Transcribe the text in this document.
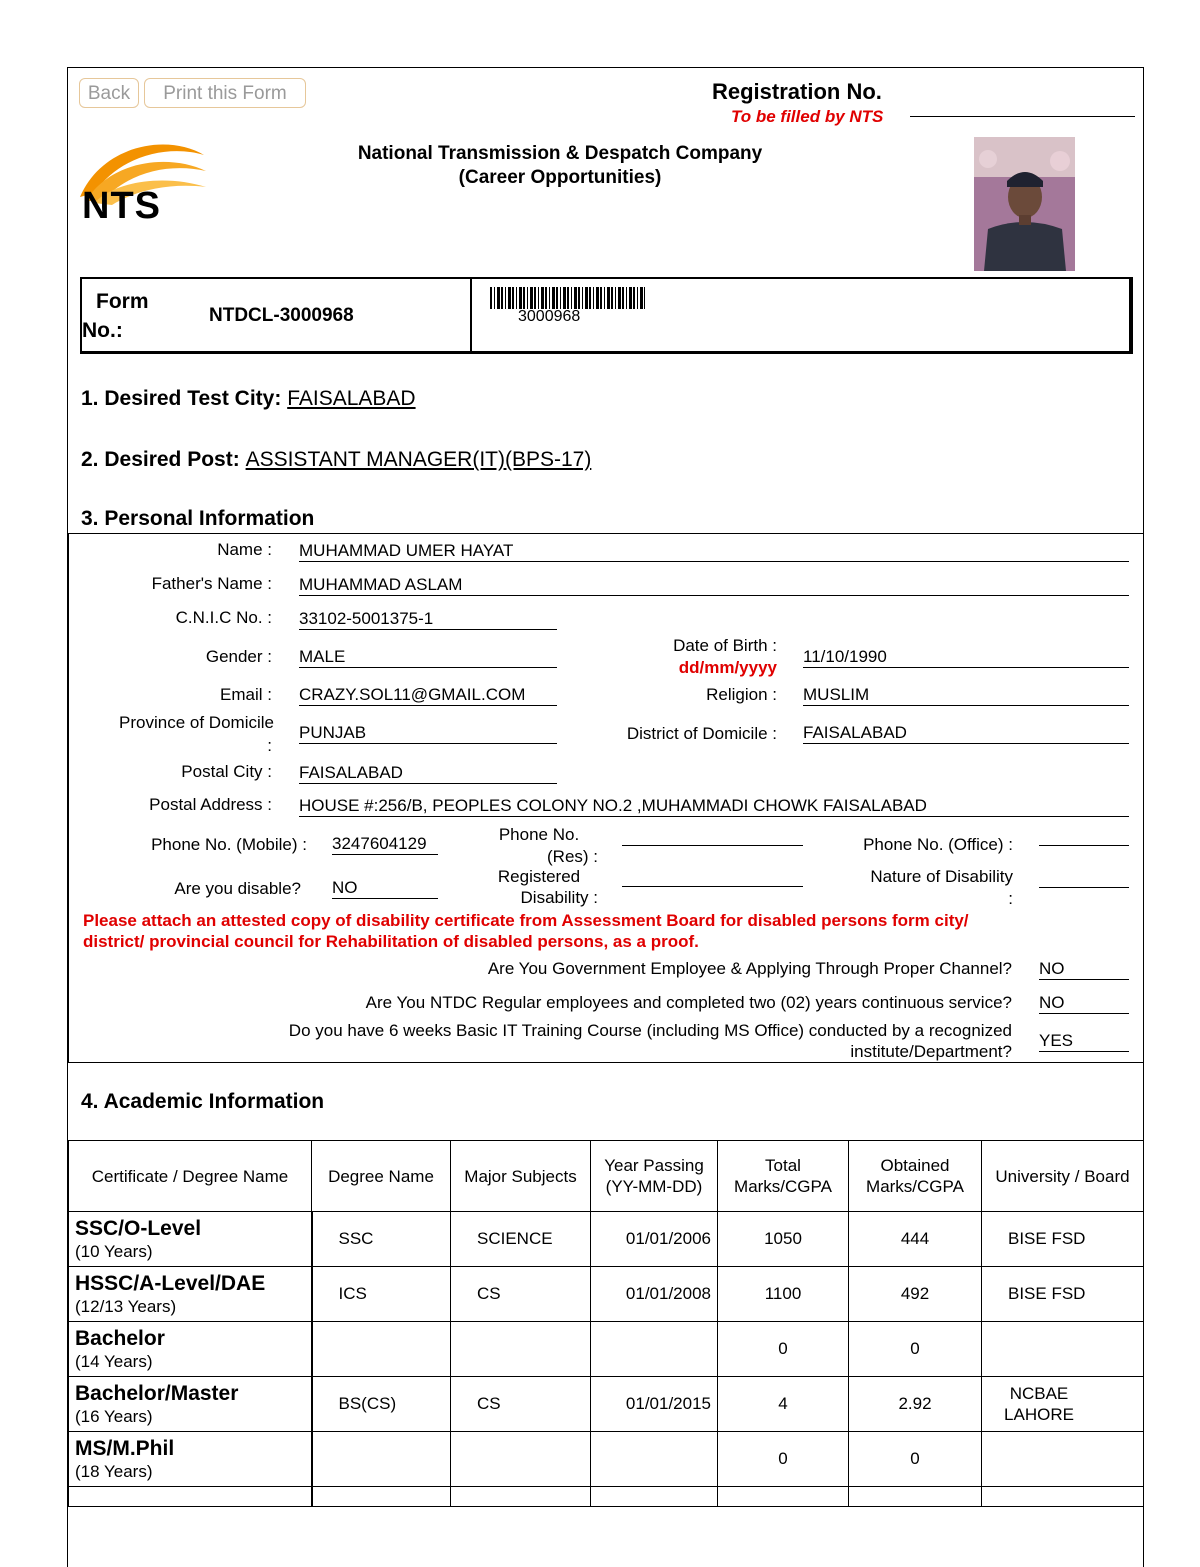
Back	Print this Form	Registration No.
To be filled by NTS
NTS
National Transmission & Despatch Company
(Career Opportunities)
Form
No.:
NTDCL-3000968	3000968
1. Desired Test City: FAISALABAD
2. Desired Post: ASSISTANT MANAGER(IT)(BPS-17)
3. Personal Information
Name : MUHAMMAD UMER HAYAT
Father's Name : MUHAMMAD ASLAM
C.N.I.C No. : 33102-5001375-1
Gender : MALE
Date of Birth :
dd/mm/yyyy
11/10/1990
Email : CRAZY.SOL11@GMAIL.COM	Religion : MUSLIM
Province of Domicile
:
PUNJAB	District of Domicile : FAISALABAD
Postal City : FAISALABAD
Postal Address : HOUSE #:256/B, PEOPLES COLONY NO.2 ,MUHAMMADI CHOWK FAISALABAD
Phone No. (Mobile) : 3247604129	Phone No.
(Res) :
Phone No. (Office) :
Are you disable? NO
Registered
Disability :
Nature of Disability
:
Please attach an attested copy of disability certificate from Assessment Board for disabled persons form city/
district/ provincial council for Rehabilitation of disabled persons, as a proof.
Are You Government Employee & Applying Through Proper Channel? NO
Are You NTDC Regular employees and completed two (02) years continuous service? NO
Do you have 6 weeks Basic IT Training Course (including MS Office) conducted by a recognized
institute/Department?
YES
4. Academic Information
Certificate / Degree Name	Degree Name	Major Subjects	Year Passing (YY-MM-DD)	Total Marks/CGPA	Obtained Marks/CGPA	University / Board

SSC/O-Level
(10 Years)	SSC	SCIENCE	01/01/2006	1050	444	BISE FSD

HSSC/A-Level/DAE
(12/13 Years)	ICS	CS	01/01/2008	1100	492	BISE FSD

Bachelor
(14 Years)				0	0	

Bachelor/Master
(16 Years)	BS(CS)	CS	01/01/2015	4	2.92	NCBAE LAHORE

MS/M.Phil
(18 Years)				0	0	
